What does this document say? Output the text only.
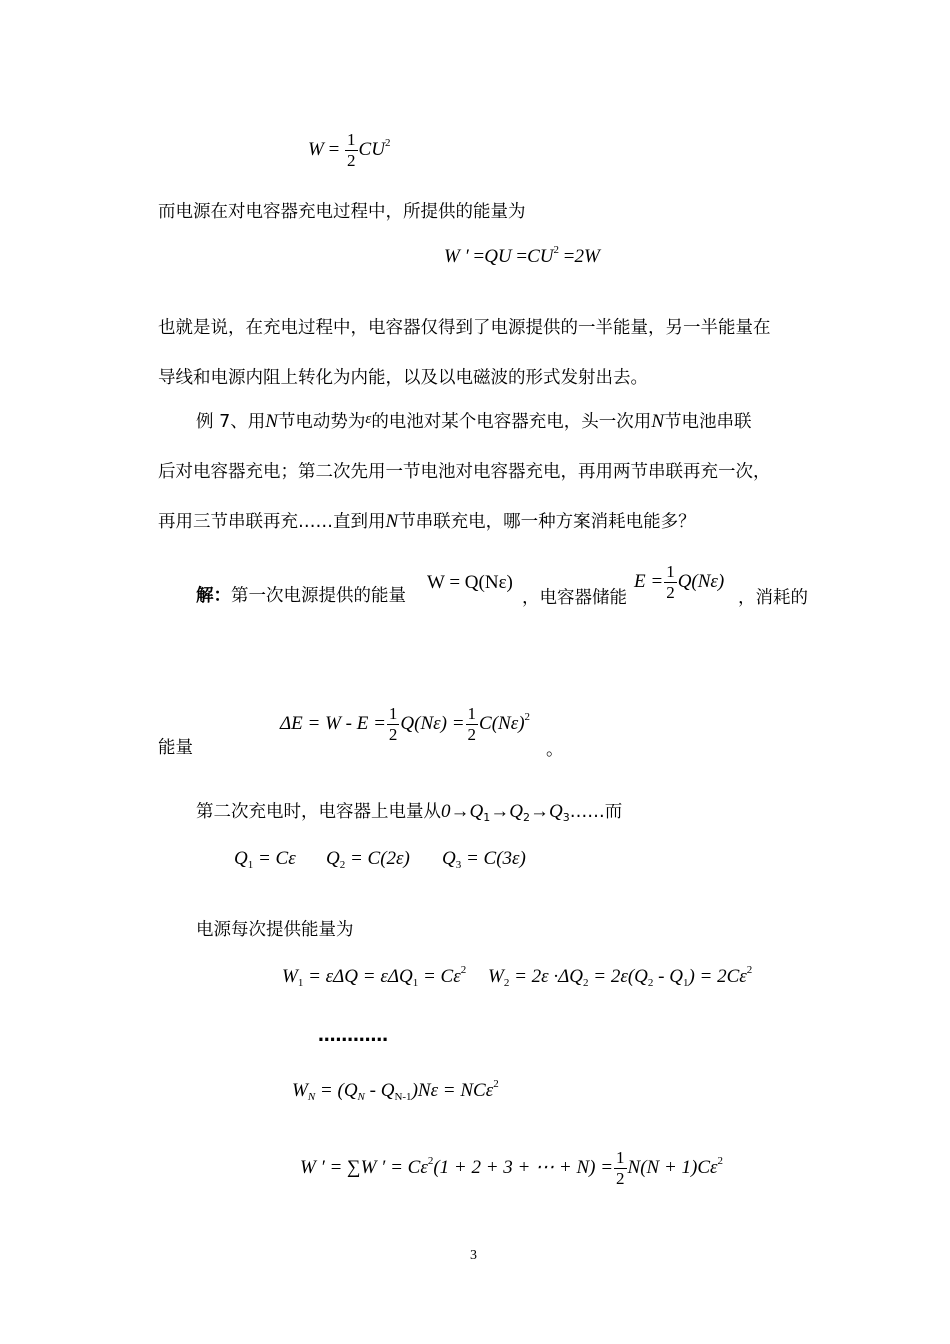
$W = \frac{1}{2} CU^2$
而电源在对电容器充电过程中，所提供的能量为
W ′ $=QU =CU^2 =2W$
也就是说，在充电过程中，电容器仅得到了电源提供的一半能量，另一半能量在
导线和电源内阻上转化为内能，以及以电磁波的形式发射出去。
例 7、用N节电动势为ε的电池对某个电容器充电，头一次用N节电池串联
后对电容器充电；第二次先用一节电池对电容器充电，再用两节串联再充一次，
再用三节串联再充……直到用N节串联充电，哪一种方案消耗电能多？
解：第一次电源提供的能量
W = Q(Nε)
，电容器储能
$E = \frac{1}{2} Q(N\varepsilon)$
，消耗的
$\Delta E = W - E = \frac{1}{2} Q(N\varepsilon) = \frac{1}{2} C(N\varepsilon)^2$
能量	。
第二次充电时，电容器上电量从$0\to Q_1\to Q_2\to Q_3\dots\dots$而
$Q_1 = C\varepsilon$ $Q_2 = C(2\varepsilon) Q_3 = C(3\varepsilon)$
电源每次提供能量为
$W_1 = \varepsilon\Delta Q = \varepsilon\Delta Q_1 = C\varepsilon^2$ $W_2 = 2\varepsilon \cdot\Delta Q_2 = 2\varepsilon(Q_2 - Q_1) = 2C\varepsilon^2$
…………
$W_N = (Q_N - Q_{N-1})N\varepsilon = NC\varepsilon^2$
W ′ = ∑W ′ = $C\varepsilon^2(1 + 2 + 3$ + ⋯ + $N) = \frac{1}{2} N(N + 1)C\varepsilon^2$
3
